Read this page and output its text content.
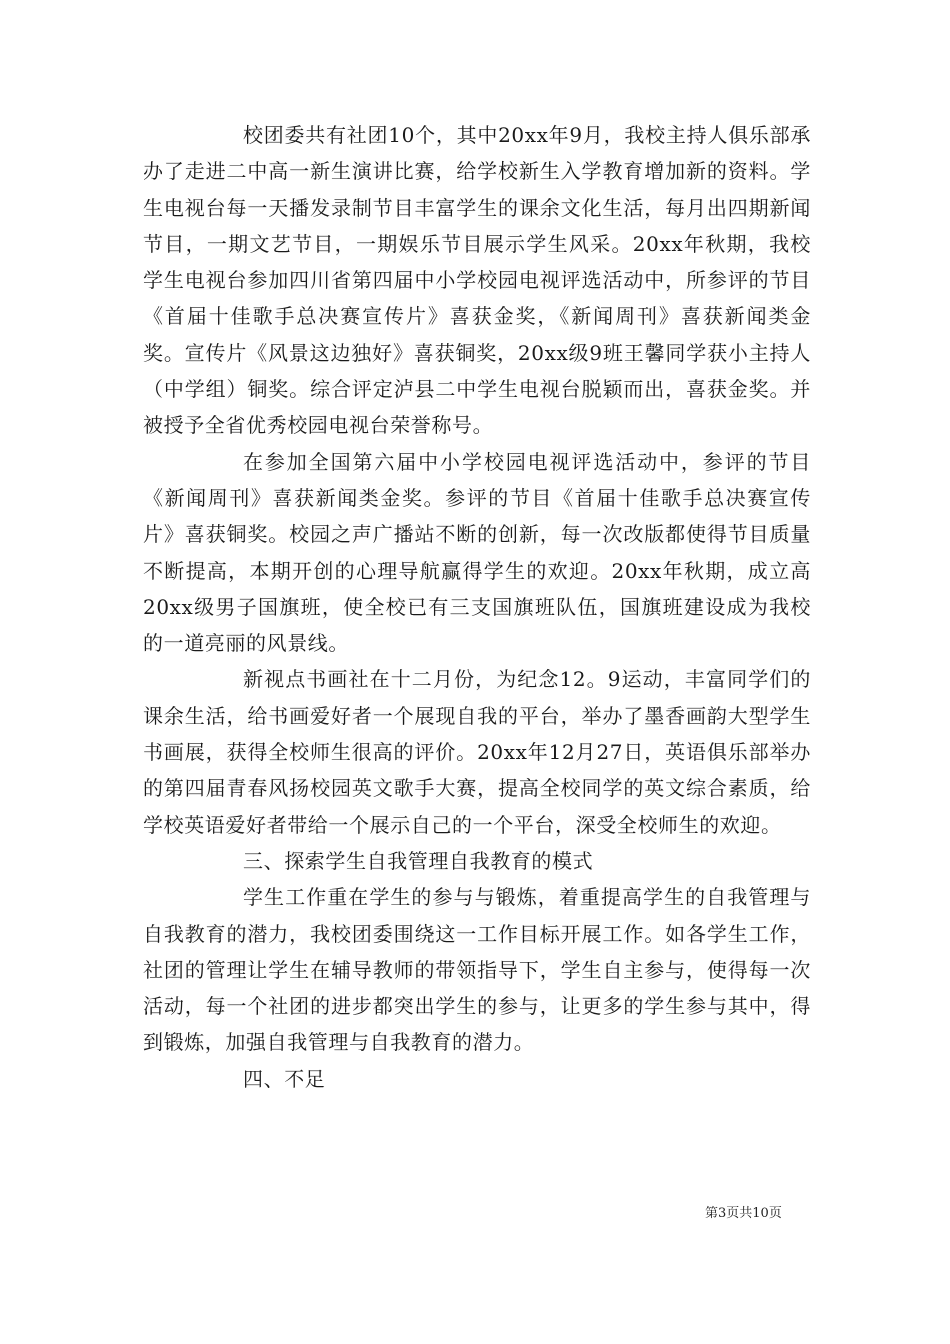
校团委共有社团10个，其中20xx年9月，我校主持人俱乐部承办了走进二中高一新生演讲比赛，给学校新生入学教育增加新的资料。学生电视台每一天播发录制节目丰富学生的课余文化生活，每月出四期新闻节目，一期文艺节目，一期娱乐节目展示学生风采。20xx年秋期，我校学生电视台参加四川省第四届中小学校园电视评选活动中，所参评的节目《首届十佳歌手总决赛宣传片》喜获金奖，《新闻周刊》喜获新闻类金奖。宣传片《风景这边独好》喜获铜奖，20xx级9班王馨同学获小主持人（中学组）铜奖。综合评定泸县二中学生电视台脱颖而出，喜获金奖。并被授予全省优秀校园电视台荣誉称号。

在参加全国第六届中小学校园电视评选活动中，参评的节目《新闻周刊》喜获新闻类金奖。参评的节目《首届十佳歌手总决赛宣传片》喜获铜奖。校园之声广播站不断的创新，每一次改版都使得节目质量不断提高，本期开创的心理导航赢得学生的欢迎。20xx年秋期，成立高20xx级男子国旗班，使全校已有三支国旗班队伍，国旗班建设成为我校的一道亮丽的风景线。

新视点书画社在十二月份，为纪念12。9运动，丰富同学们的课余生活，给书画爱好者一个展现自我的平台，举办了墨香画韵大型学生书画展，获得全校师生很高的评价。20xx年12月27日，英语俱乐部举办的第四届青春风扬校园英文歌手大赛，提高全校同学的英文综合素质，给学校英语爱好者带给一个展示自己的一个平台，深受全校师生的欢迎。

三、探索学生自我管理自我教育的模式

学生工作重在学生的参与与锻炼，着重提高学生的自我管理与自我教育的潜力，我校团委围绕这一工作目标开展工作。如各学生工作，社团的管理让学生在辅导教师的带领指导下，学生自主参与，使得每一次活动，每一个社团的进步都突出学生的参与，让更多的学生参与其中，得到锻炼，加强自我管理与自我教育的潜力。

四、不足

第3页共10页
